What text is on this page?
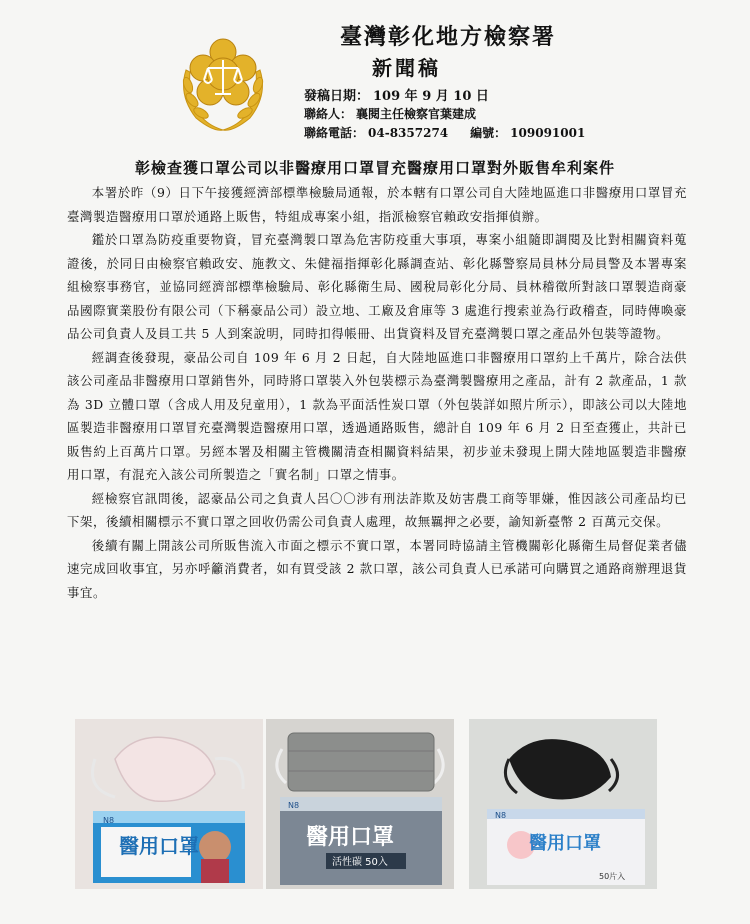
臺灣彰化地方檢察署
新聞稿
發稿日期： 109 年 9 月 10 日
聯絡人： 襄閱主任檢察官葉建成
聯絡電話： 04-8357274 編號： 109091001
彰檢查獲口罩公司以非醫療用口罩冒充醫療用口罩對外販售牟利案件

本署於昨（9）日下午接獲經濟部標準檢驗局通報，於本轄有口罩公司自大陸地區進口非醫療用口罩冒充臺灣製造醫療用口罩於通路上販售，特組成專案小組，指派檢察官賴政安指揮偵辦。

鑑於口罩為防疫重要物資，冒充臺灣製口罩為危害防疫重大事項，專案小組隨即調閱及比對相關資料蒐證後，於同日由檢察官賴政安、施教文、朱健福指揮彰化縣調查站、彰化縣警察局員林分局員警及本署專案組檢察事務官，並協同經濟部標準檢驗局、彰化縣衛生局、國稅局彰化分局、員林稽徵所對該口罩製造商豪品國際實業股份有限公司（下稱豪品公司）設立地、工廠及倉庫等 3 處進行搜索並為行政稽查，同時傳喚豪品公司負責人及員工共 5 人到案說明，同時扣得帳冊、出貨資料及冒充臺灣製口罩之產品外包裝等證物。

經調查後發現，豪品公司自 109 年 6 月 2 日起，自大陸地區進口非醫療用口罩約上千萬片，除合法供該公司產品非醫療用口罩銷售外，同時將口罩裝入外包裝標示為臺灣製醫療用之產品，計有 2 款產品，1 款為 3D 立體口罩（含成人用及兒童用），1 款為平面活性炭口罩（外包裝詳如照片所示），即該公司以大陸地區製造非醫療用口罩冒充臺灣製造醫療用口罩，透過通路販售，總計自 109 年 6 月 2 日至查獲止，共計已販售約上百萬片口罩。另經本署及相關主管機關清查相關資料結果，初步並未發現上開大陸地區製造非醫療用口罩，有混充入該公司所製造之「實名制」口罩之情事。

經檢察官訊問後，認豪品公司之負責人呂〇〇涉有刑法詐欺及妨害農工商等罪嫌，惟因該公司產品均已下架，後續相關標示不實口罩之回收仍需公司負責人處理，故無羈押之必要，諭知新臺幣 2 百萬元交保。

後續有關上開該公司所販售流入市面之標示不實口罩，本署同時協請主管機關彰化縣衛生局督促業者儘速完成回收事宜，另亦呼籲消費者，如有買受該 2 款口罩，該公司負責人已承諾可向購買之通路商辦理退貨事宜。

N8
醫用口罩
N8
醫用口罩
活性碳 50入
N8
醫用口罩
50片入
